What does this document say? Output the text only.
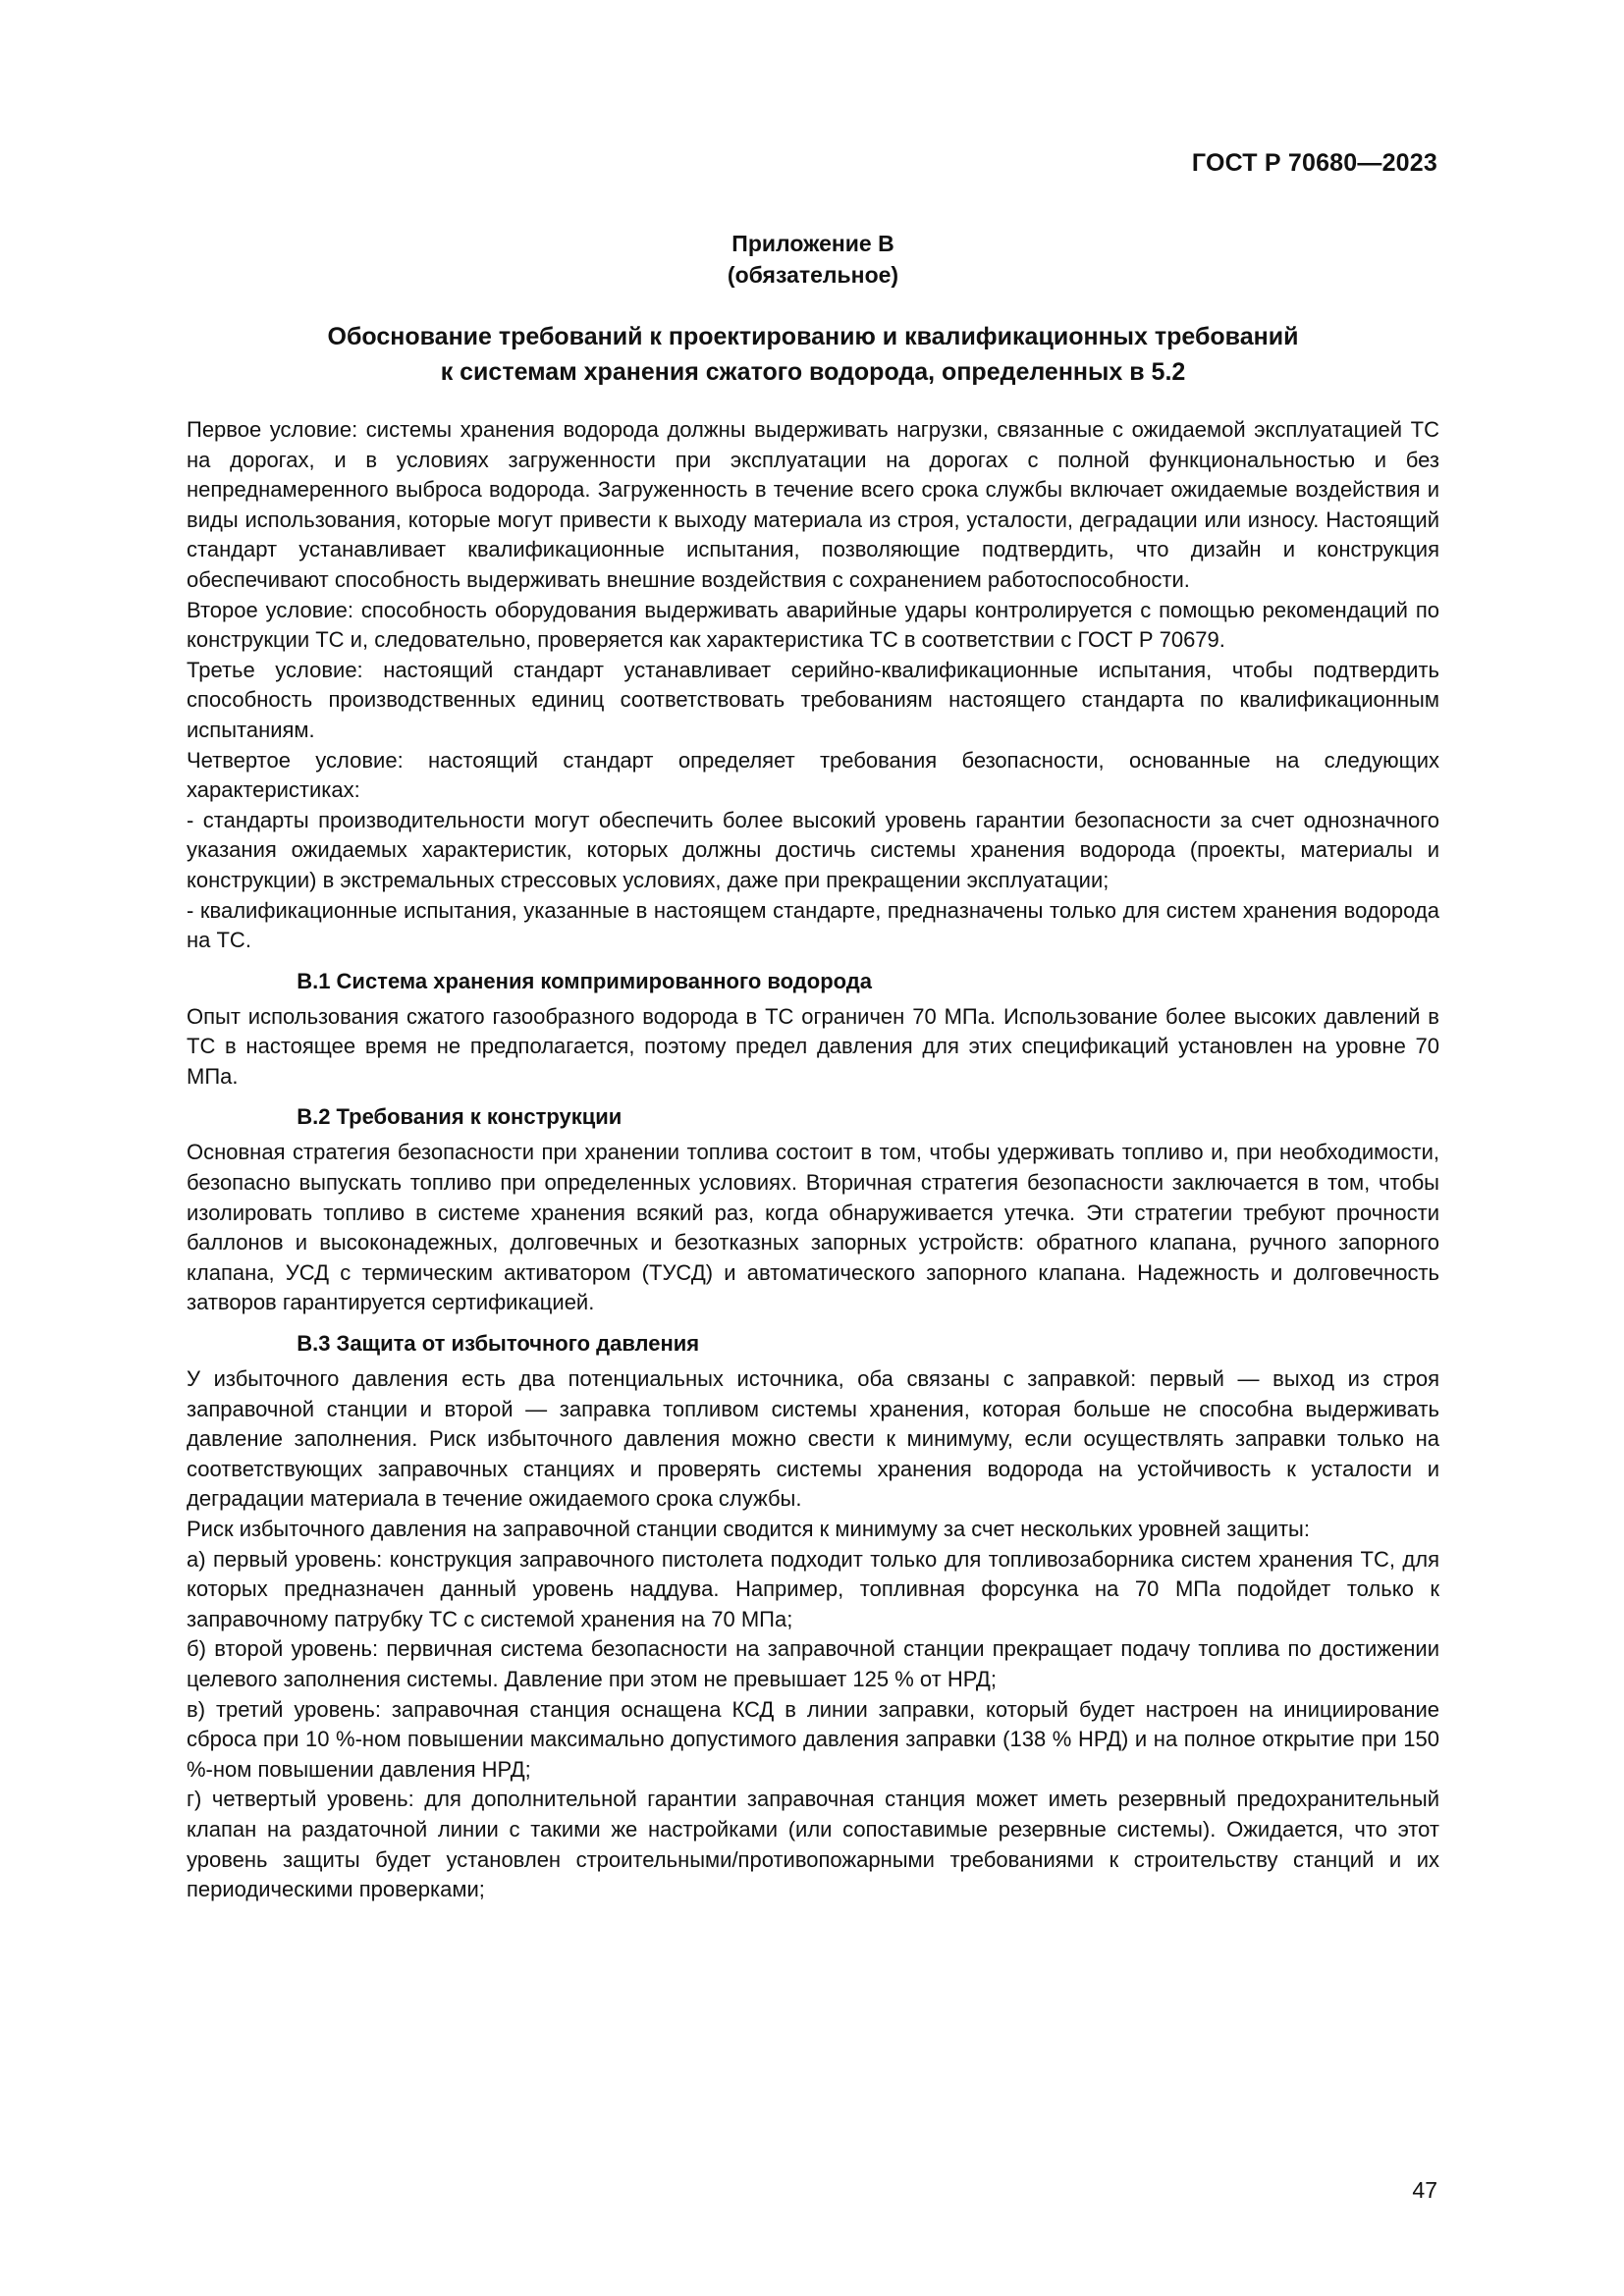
ГОСТ Р 70680—2023
Приложение В
(обязательное)
Обоснование требований к проектированию и квалификационных требований
к системам хранения сжатого водорода, определенных в 5.2

Первое условие: системы хранения водорода должны выдерживать нагрузки, связанные с ожидаемой эксплуатацией ТС на дорогах, и в условиях загруженности при эксплуатации на дорогах с полной функциональностью и без непреднамеренного выброса водорода. Загруженность в течение всего срока службы включает ожидаемые воздействия и виды использования, которые могут привести к выходу материала из строя, усталости, деградации или износу. Настоящий стандарт устанавливает квалификационные испытания, позволяющие подтвердить, что дизайн и конструкция обеспечивают способность выдерживать внешние воздействия с сохранением работоспособности.

Второе условие: способность оборудования выдерживать аварийные удары контролируется с помощью рекомендаций по конструкции ТС и, следовательно, проверяется как характеристика ТС в соответствии с ГОСТ Р 70679.

Третье условие: настоящий стандарт устанавливает серийно-квалификационные испытания, чтобы подтвердить способность производственных единиц соответствовать требованиям настоящего стандарта по квалификационным испытаниям.

Четвертое условие: настоящий стандарт определяет требования безопасности, основанные на следующих характеристиках:

- стандарты производительности могут обеспечить более высокий уровень гарантии безопасности за счет однозначного указания ожидаемых характеристик, которых должны достичь системы хранения водорода (проекты, материалы и конструкции) в экстремальных стрессовых условиях, даже при прекращении эксплуатации;

- квалификационные испытания, указанные в настоящем стандарте, предназначены только для систем хранения водорода на ТС.

В.1 Система хранения компримированного водорода

Опыт использования сжатого газообразного водорода в ТС ограничен 70 МПа. Использование более высоких давлений в ТС в настоящее время не предполагается, поэтому предел давления для этих спецификаций установлен на уровне 70 МПа.

В.2 Требования к конструкции

Основная стратегия безопасности при хранении топлива состоит в том, чтобы удерживать топливо и, при необходимости, безопасно выпускать топливо при определенных условиях. Вторичная стратегия безопасности заключается в том, чтобы изолировать топливо в системе хранения всякий раз, когда обнаруживается утечка. Эти стратегии требуют прочности баллонов и высоконадежных, долговечных и безотказных запорных устройств: обратного клапана, ручного запорного клапана, УСД с термическим активатором (ТУСД) и автоматического запорного клапана. Надежность и долговечность затворов гарантируется сертификацией.

В.3 Защита от избыточного давления

У избыточного давления есть два потенциальных источника, оба связаны с заправкой: первый — выход из строя заправочной станции и второй — заправка топливом системы хранения, которая больше не способна выдерживать давление заполнения. Риск избыточного давления можно свести к минимуму, если осуществлять заправки только на соответствующих заправочных станциях и проверять системы хранения водорода на устойчивость к усталости и деградации материала в течение ожидаемого срока службы.

Риск избыточного давления на заправочной станции сводится к минимуму за счет нескольких уровней защиты:

а) первый уровень: конструкция заправочного пистолета подходит только для топливозаборника систем хранения ТС, для которых предназначен данный уровень наддува. Например, топливная форсунка на 70 МПа подойдет только к заправочному патрубку ТС с системой хранения на 70 МПа;

б) второй уровень: первичная система безопасности на заправочной станции прекращает подачу топлива по достижении целевого заполнения системы. Давление при этом не превышает 125 % от НРД;

в) третий уровень: заправочная станция оснащена КСД в линии заправки, который будет настроен на инициирование сброса при 10 %-ном повышении максимально допустимого давления заправки (138 % НРД) и на полное открытие при 150 %-ном повышении давления НРД;

г) четвертый уровень: для дополнительной гарантии заправочная станция может иметь резервный предохранительный клапан на раздаточной линии с такими же настройками (или сопоставимые резервные системы). Ожидается, что этот уровень защиты будет установлен строительными/противопожарными требованиями к строительству станций и их периодическими проверками;

47
